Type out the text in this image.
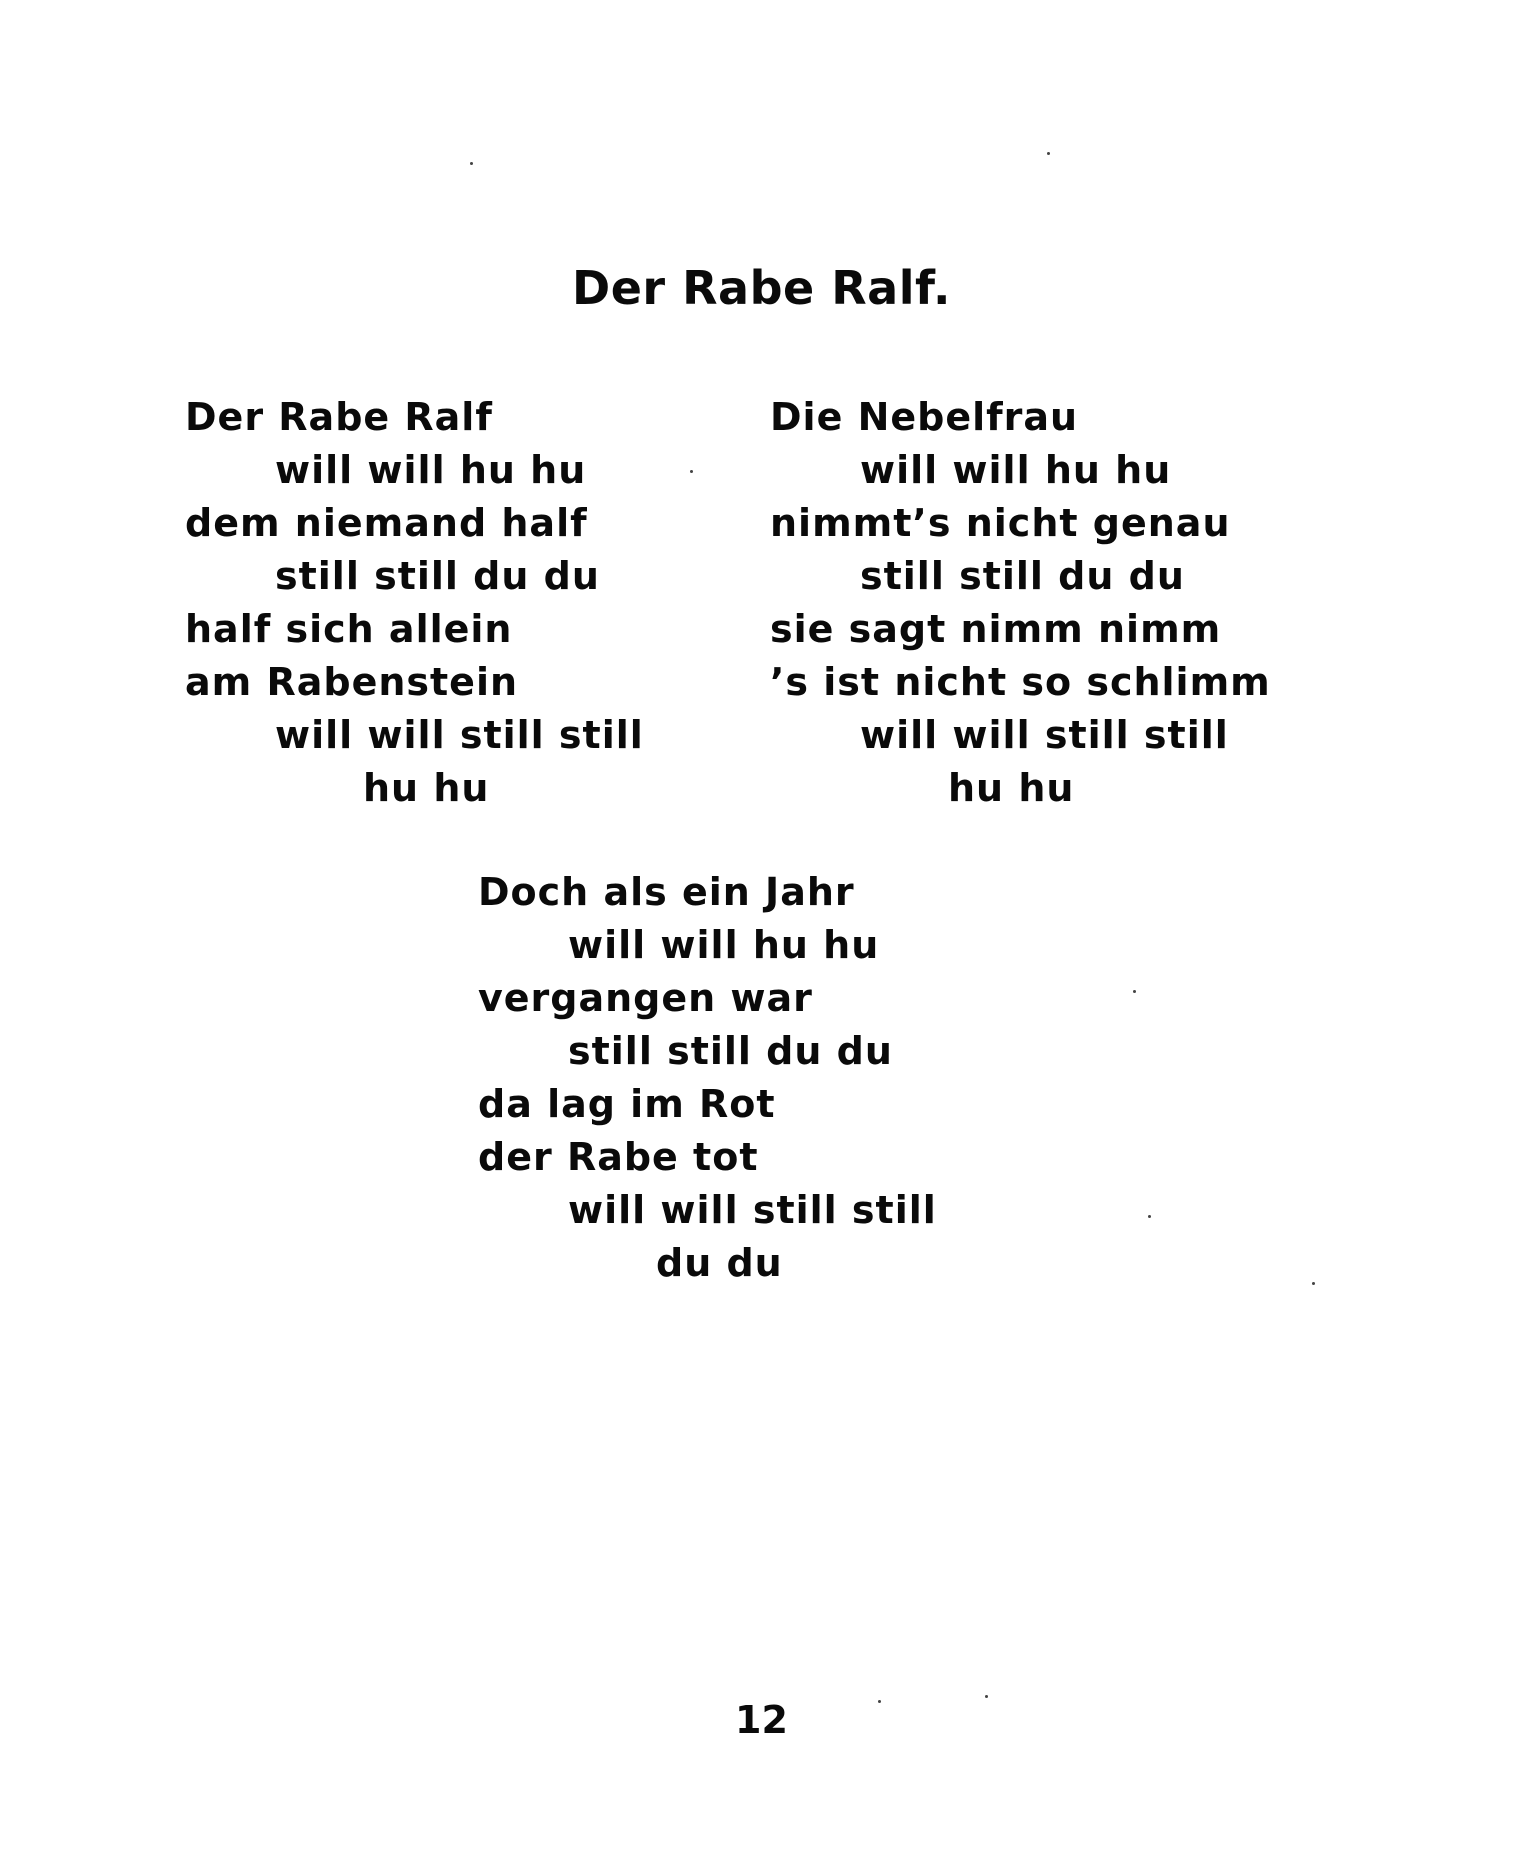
Der Rabe Ralf.
Der Rabe Ralf
will will hu hu
dem niemand half
still still du du
half sich allein
am Rabenstein
will will still still
hu hu
Die Nebelfrau
will will hu hu
nimmt’s nicht genau
still still du du
sie sagt nimm nimm
’s ist nicht so schlimm
will will still still
hu hu
Doch als ein Jahr
will will hu hu
vergangen war
still still du du
da lag im Rot
der Rabe tot
will will still still
du du
12
